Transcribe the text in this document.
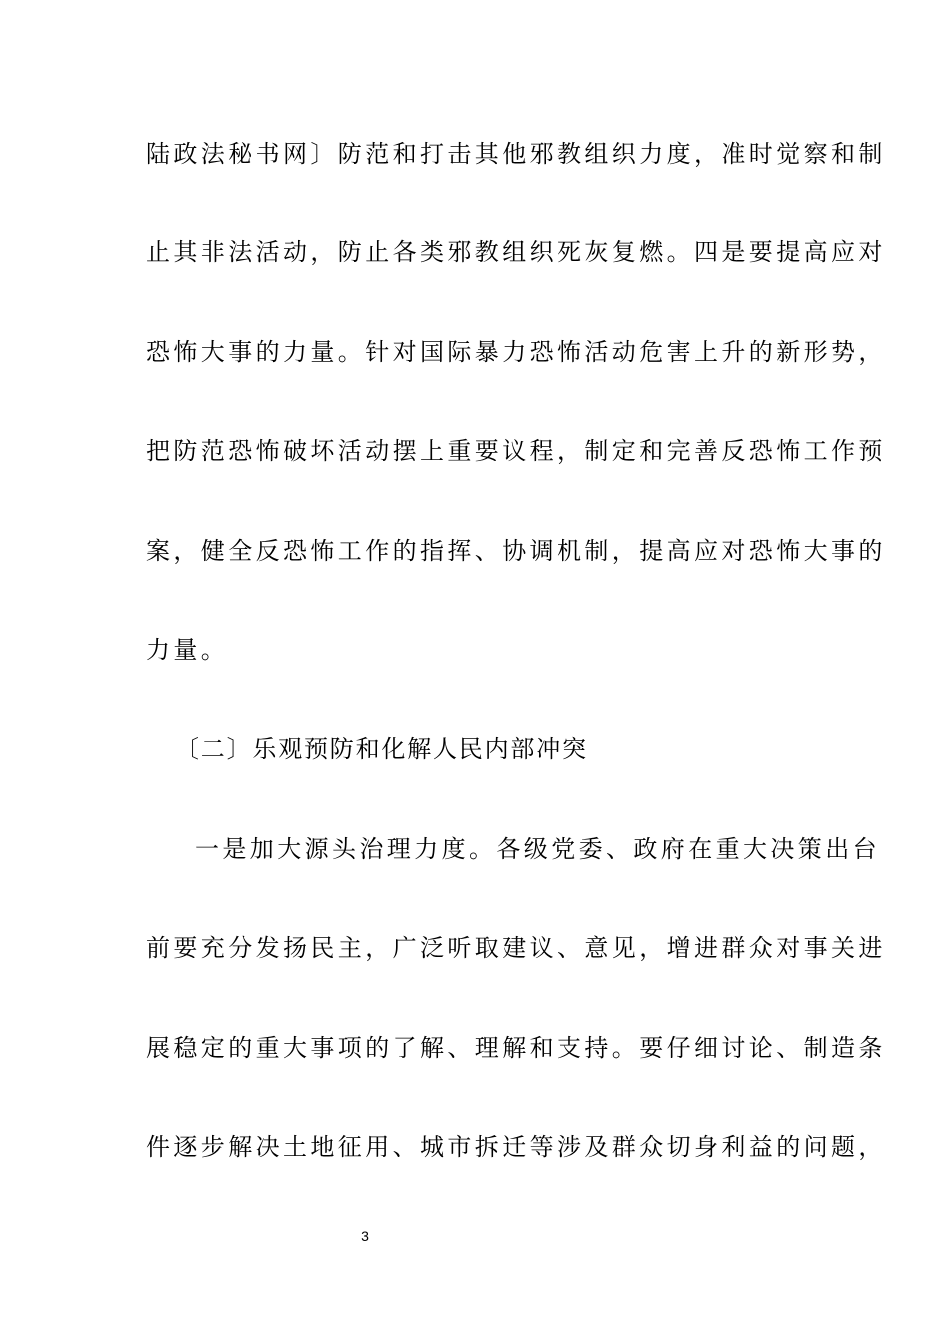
陆政法秘书网〕防范和打击其他邪教组织力度，准时觉察和制
止其非法活动，防止各类邪教组织死灰复燃。四是要提高应对
恐怖大事的力量。针对国际暴力恐怖活动危害上升的新形势，
把防范恐怖破坏活动摆上重要议程，制定和完善反恐怖工作预
案，健全反恐怖工作的指挥、协调机制，提高应对恐怖大事的
力量。
〔二〕乐观预防和化解人民内部冲突
一是加大源头治理力度。各级党委、政府在重大决策出台
前要充分发扬民主，广泛听取建议、意见，增进群众对事关进
展稳定的重大事项的了解、理解和支持。要仔细讨论、制造条
件逐步解决土地征用、城市拆迁等涉及群众切身利益的问题，
3
